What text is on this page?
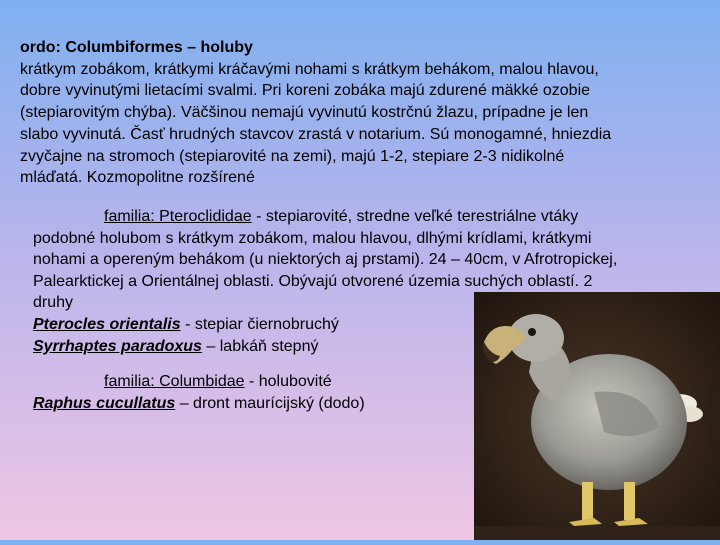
ordo: Columbiformes – holuby
krátkym zobákom, krátkymi kráčavými nohami s krátkym behákom, malou hlavou,
dobre vyvinutými lietacími svalmi. Pri koreni zobáka majú zdurené mäkké ozobie
(stepiarovitým chýba). Väčšinou nemajú vyvinutú kostrčnú žlazu, prípadne je len
slabo vyvinutá. Časť hrudných stavcov zrastá v notarium. Sú monogamné, hniezdia
zvyčajne na stromoch (stepiarovité na zemi), majú 1-2, stepiare 2-3 nidikolné
mláďatá. Kozmopolitne rozšírené
familia: Pteroclididae - stepiarovité, stredne veľké terestriálne vtáky
podobné holubom s krátkym zobákom, malou hlavou, dlhými krídlami, krátkymi
nohami a opereným behákom (u niektorých aj prstami). 24 – 40cm, v Afrotropickej,
Palearktickej a Orientálnej oblasti. Obývajú otvorené územia suchých oblastí. 2
druhy
Pterocles orientalis - stepiar čiernobruchý
Syrrhaptes paradoxus – labkáň stepný
familia: Columbidae - holubovité
Raphus cucullatus – dront maurícijský (dodo)
